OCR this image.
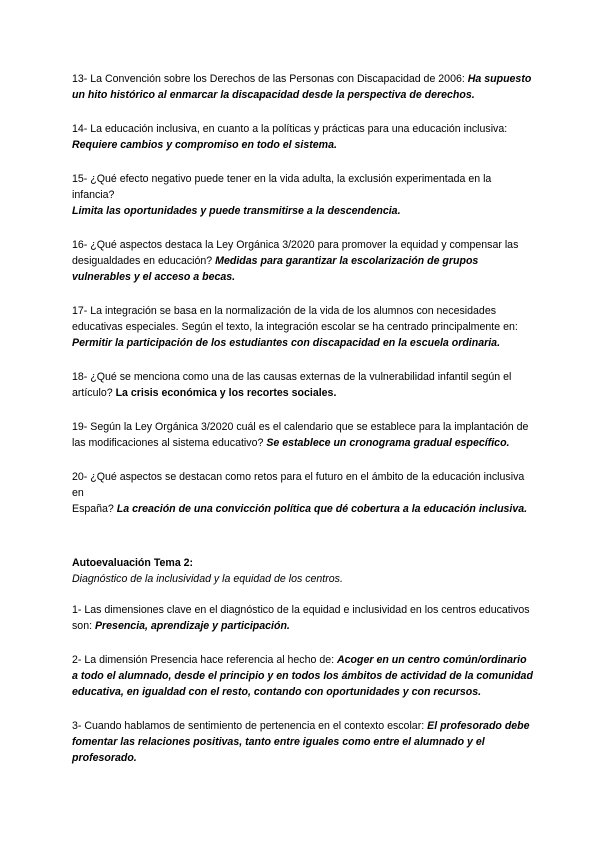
13- La Convención sobre los Derechos de las Personas con Discapacidad de 2006: Ha supuesto un hito histórico al enmarcar la discapacidad desde la perspectiva de derechos.

14- La educación inclusiva, en cuanto a la políticas y prácticas para una educación inclusiva: Requiere cambios y compromiso en todo el sistema.

15- ¿Qué efecto negativo puede tener en la vida adulta, la exclusión experimentada en la infancia?
Limita las oportunidades y puede transmitirse a la descendencia.

16- ¿Qué aspectos destaca la Ley Orgánica 3/2020 para promover la equidad y compensar las desigualdades en educación? Medidas para garantizar la escolarización de grupos vulnerables y el acceso a becas.

17- La integración se basa en la normalización de la vida de los alumnos con necesidades educativas especiales. Según el texto, la integración escolar se ha centrado principalmente en: Permitir la participación de los estudiantes con discapacidad en la escuela ordinaria.

18- ¿Qué se menciona como una de las causas externas de la vulnerabilidad infantil según el artículo? La crisis económica y los recortes sociales.

19- Según la Ley Orgánica 3/2020 cuál es el calendario que se establece para la implantación de las modificaciones al sistema educativo? Se establece un cronograma gradual específico.

20- ¿Qué aspectos se destacan como retos para el futuro en el ámbito de la educación inclusiva en
España? La creación de una convicción política que dé cobertura a la educación inclusiva.

Autoevaluación Tema 2:

Diagnóstico de la inclusividad y la equidad de los centros.

1- Las dimensiones clave en el diagnóstico de la equidad e inclusividad en los centros educativos son: Presencia, aprendizaje y participación.

2- La dimensión Presencia hace referencia al hecho de: Acoger en un centro común/ordinario a todo el alumnado, desde el principio y en todos los ámbitos de actividad de la comunidad educativa, en igualdad con el resto, contando con oportunidades y con recursos.

3- Cuando hablamos de sentimiento de pertenencia en el contexto escolar: El profesorado debe fomentar las relaciones positivas, tanto entre iguales como entre el alumnado y el profesorado.
